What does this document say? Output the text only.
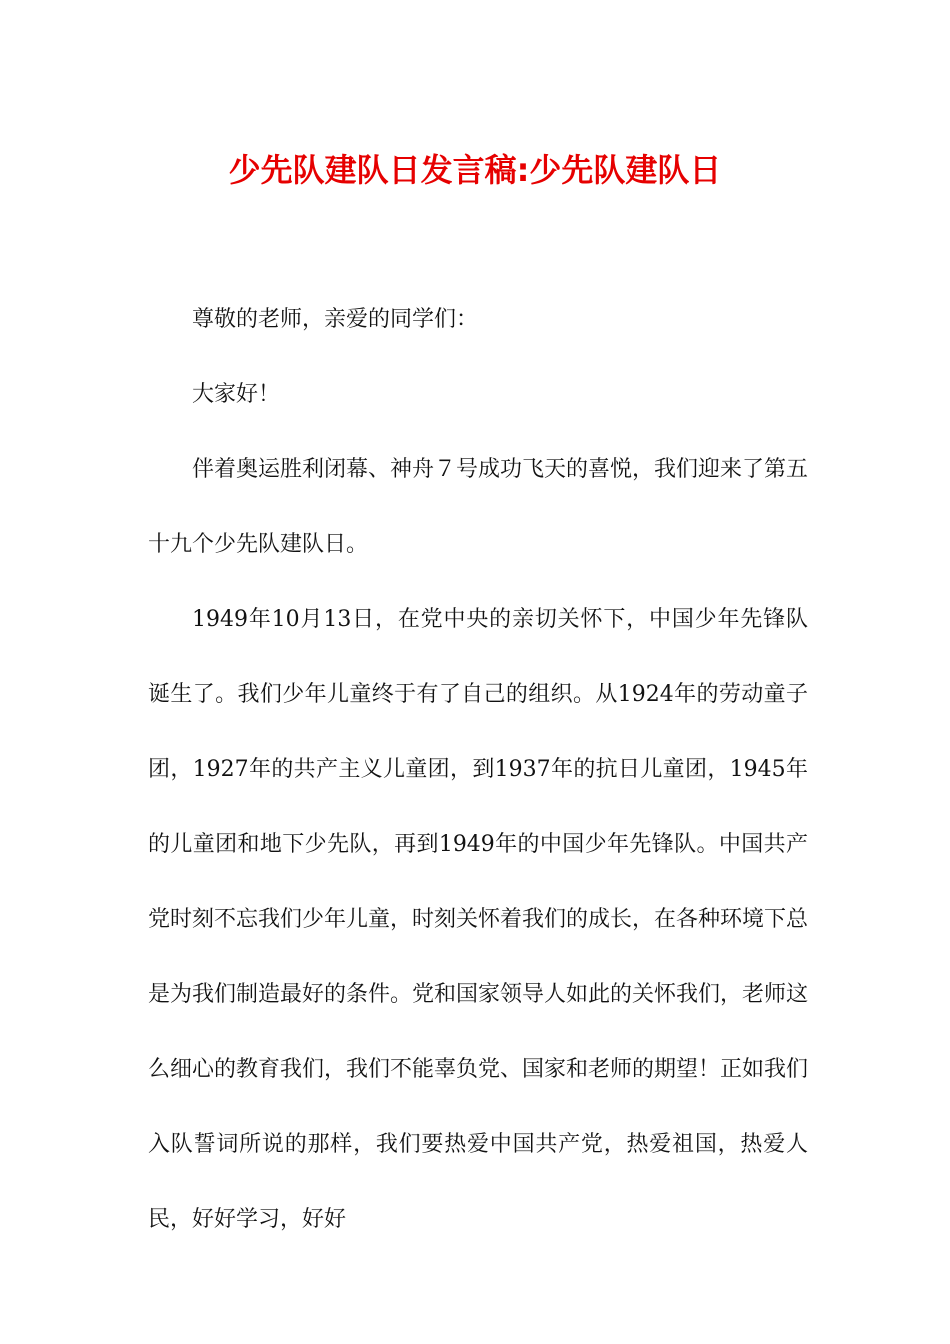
少先队建队日发言稿:少先队建队日

尊敬的老师，亲爱的同学们：

大家好！

伴着奥运胜利闭幕、神舟７号成功飞天的喜悦，我们迎来了第五十九个少先队建队日。

1949年10月13日，在党中央的亲切关怀下，中国少年先锋队诞生了。我们少年儿童终于有了自己的组织。从1924年的劳动童子团，1927年的共产主义儿童团，到1937年的抗日儿童团，1945年的儿童团和地下少先队，再到1949年的中国少年先锋队。中国共产党时刻不忘我们少年儿童，时刻关怀着我们的成长，在各种环境下总是为我们制造最好的条件。党和国家领导人如此的关怀我们，老师这么细心的教育我们，我们不能辜负党、国家和老师的期望！正如我们入队誓词所说的那样，我们要热爱中国共产党，热爱祖国，热爱人民，好好学习，好好
